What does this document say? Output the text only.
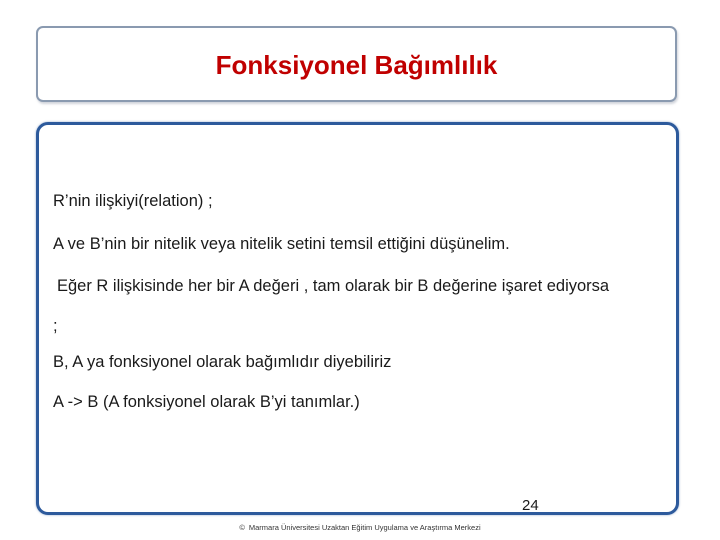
Fonksiyonel Bağımlılık

R’nin ilişkiyi(relation) ;

A ve B’nin bir nitelik veya nitelik setini temsil ettiğini düşünelim.

Eğer R ilişkisinde her bir A değeri , tam olarak bir B değerine işaret ediyorsa

;

B, A ya fonksiyonel olarak bağımlıdır diyebiliriz

A -> B (A fonksiyonel olarak B’yi tanımlar.)

24
© Marmara Üniversitesi Uzaktan Eğitim Uygulama ve Araştırma Merkezi
